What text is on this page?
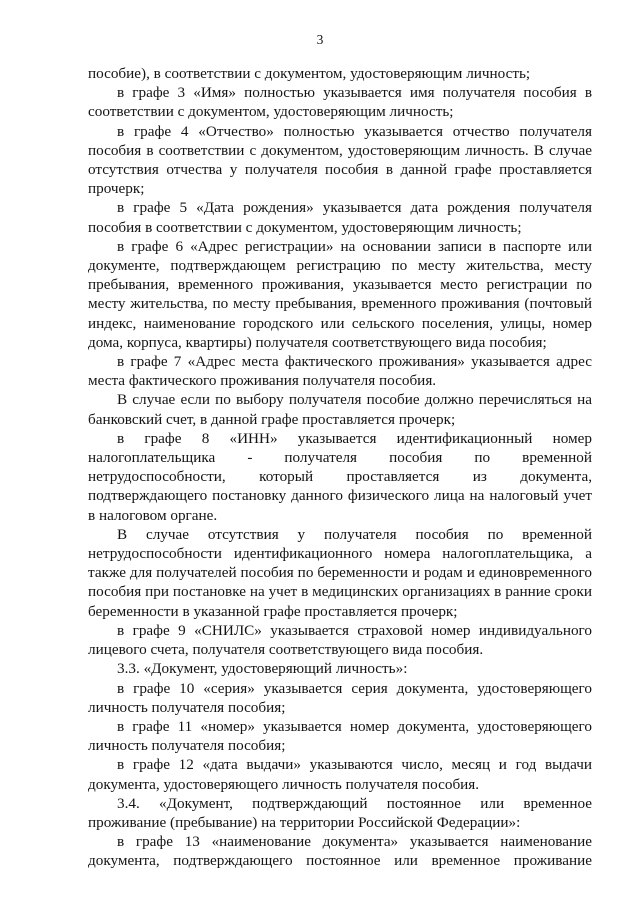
3

пособие), в соответствии с документом, удостоверяющим личность;

в графе 3 «Имя» полностью указывается имя получателя пособия в соответствии с документом, удостоверяющим личность;

в графе 4 «Отчество» полностью указывается отчество получателя пособия в соответствии с документом, удостоверяющим личность. В случае отсутствия отчества у получателя пособия в данной графе проставляется прочерк;

в графе 5 «Дата рождения» указывается дата рождения получателя пособия в соответствии с документом, удостоверяющим личность;

в графе 6 «Адрес регистрации» на основании записи в паспорте или документе, подтверждающем регистрацию по месту жительства, месту пребывания, временного проживания, указывается место регистрации по месту жительства, по месту пребывания, временного проживания (почтовый индекс, наименование городского или сельского поселения, улицы, номер дома, корпуса, квартиры) получателя соответствующего вида пособия;

в графе 7 «Адрес места фактического проживания» указывается адрес места фактического проживания получателя пособия.

В случае если по выбору получателя пособие должно перечисляться на банковский счет, в данной графе проставляется прочерк;

в графе 8 «ИНН» указывается идентификационный номер налогоплательщика - получателя пособия по временной нетрудоспособности, который проставляется из документа, подтверждающего постановку данного физического лица на налоговый учет в налоговом органе.

В случае отсутствия у получателя пособия по временной нетрудоспособности идентификационного номера налогоплательщика, а также для получателей пособия по беременности и родам и единовременного пособия при постановке на учет в медицинских организациях в ранние сроки беременности в указанной графе проставляется прочерк;

в графе 9 «СНИЛС» указывается страховой номер индивидуального лицевого счета, получателя соответствующего вида пособия.

3.3. «Документ, удостоверяющий личность»:

в графе 10 «серия» указывается серия документа, удостоверяющего личность получателя пособия;

в графе 11 «номер» указывается номер документа, удостоверяющего личность получателя пособия;

в графе 12 «дата выдачи» указываются число, месяц и год выдачи документа, удостоверяющего личность получателя пособия.

3.4. «Документ, подтверждающий постоянное или временное проживание (пребывание) на территории Российской Федерации»:

в графе 13 «наименование документа» указывается наименование документа, подтверждающего постоянное или временное проживание
